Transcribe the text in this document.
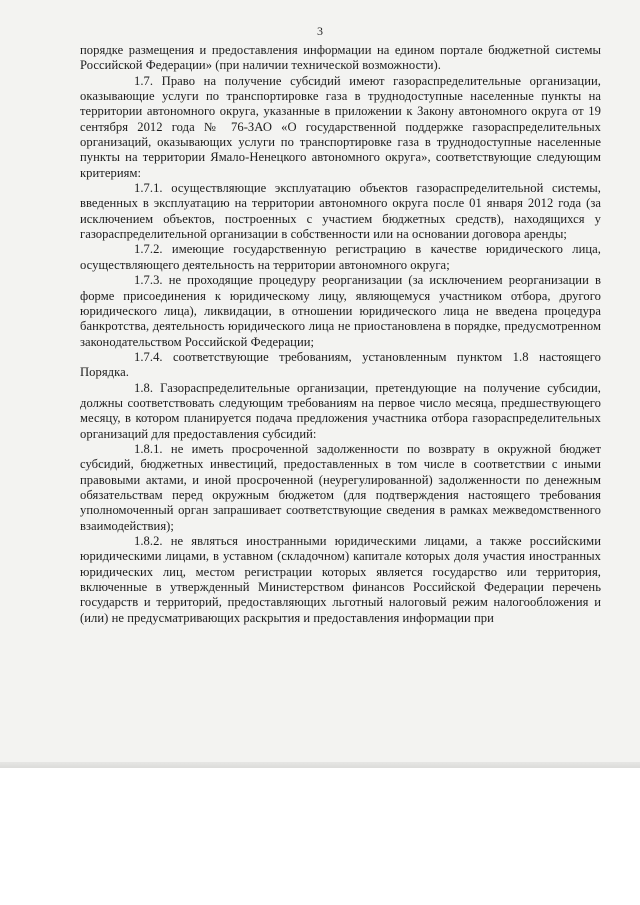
3

порядке размещения и предоставления информации на едином портале бюджетной системы Российской Федерации» (при наличии технической возможности).

1.7. Право на получение субсидий имеют газораспределительные организации, оказывающие услуги по транспортировке газа в труднодоступные населенные пункты на территории автономного округа, указанные в приложении к Закону автономного округа от 19 сентября 2012 года № 76-ЗАО «О государственной поддержке газораспределительных организаций, оказывающих услуги по транспортировке газа в труднодоступные населенные пункты на территории Ямало-Ненецкого автономного округа», соответствующие следующим критериям:

1.7.1. осуществляющие эксплуатацию объектов газораспределительной системы, введенных в эксплуатацию на территории автономного округа после 01 января 2012 года (за исключением объектов, построенных с участием бюджетных средств), находящихся у газораспределительной организации в собственности или на основании договора аренды;

1.7.2. имеющие государственную регистрацию в качестве юридического лица, осуществляющего деятельность на территории автономного округа;

1.7.3. не проходящие процедуру реорганизации (за исключением реорганизации в форме присоединения к юридическому лицу, являющемуся участником отбора, другого юридического лица), ликвидации, в отношении юридического лица не введена процедура банкротства, деятельность юридического лица не приостановлена в порядке, предусмотренном законодательством Российской Федерации;

1.7.4. соответствующие требованиям, установленным пунктом 1.8 настоящего Порядка.

1.8. Газораспределительные организации, претендующие на получение субсидии, должны соответствовать следующим требованиям на первое число месяца, предшествующего месяцу, в котором планируется подача предложения участника отбора газораспределительных организаций для предоставления субсидий:

1.8.1. не иметь просроченной задолженности по возврату в окружной бюджет субсидий, бюджетных инвестиций, предоставленных в том числе в соответствии с иными правовыми актами, и иной просроченной (неурегулированной) задолженности по денежным обязательствам перед окружным бюджетом (для подтверждения настоящего требования уполномоченный орган запрашивает соответствующие сведения в рамках межведомственного взаимодействия);

1.8.2. не являться иностранными юридическими лицами, а также российскими юридическими лицами, в уставном (складочном) капитале которых доля участия иностранных юридических лиц, местом регистрации которых является государство или территория, включенные в утвержденный Министерством финансов Российской Федерации перечень государств и территорий, предоставляющих льготный налоговый режим налогообложения и (или) не предусматривающих раскрытия и предоставления информации при
